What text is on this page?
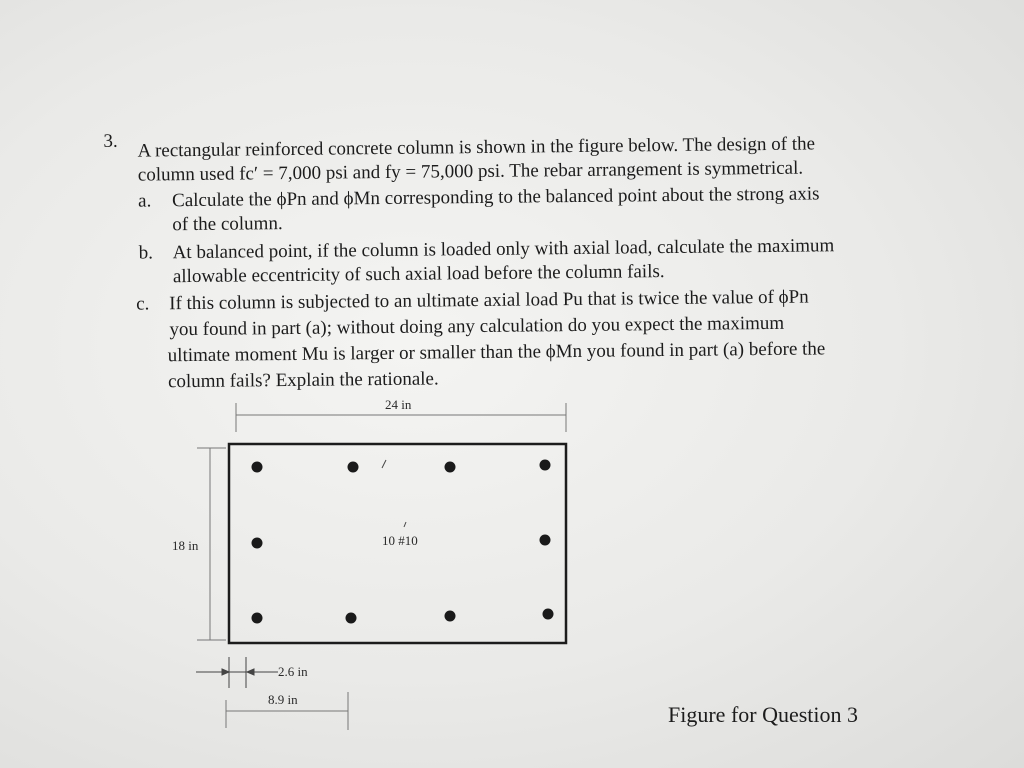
3. A rectangular reinforced concrete column is shown in the figure below. The design of the
column used fc′ = 7,000 psi and fy = 75,000 psi. The rebar arrangement is symmetrical.
a. Calculate the ϕPn and ϕMn corresponding to the balanced point about the strong axis
of the column.
b. At balanced point, if the column is loaded only with axial load, calculate the maximum
allowable eccentricity of such axial load before the column fails.
c. If this column is subjected to an ultimate axial load Pu that is twice the value of ϕPn
you found in part (a); without doing any calculation do you expect the maximum
ultimate moment Mu is larger or smaller than the ϕMn you found in part (a) before the
column fails? Explain the rationale.
24 in
18 in	10 #10
2.6 in
8.9 in
Figure for Question 3
